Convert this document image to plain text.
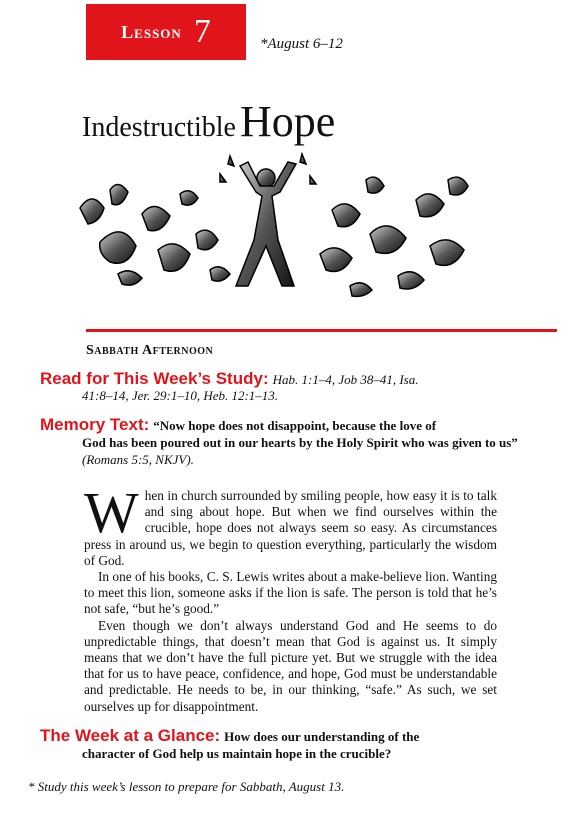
Lesson 7	*August 6–12
Indestructible Hope
Sabbath Afternoon
Read for This Week’s Study: Hab. 1:1–4, Job 38–41, Isa.
41:8–14, Jer. 29:1–10, Heb. 12:1–13.
Memory Text: “Now hope does not disappoint, because the love of
God has been poured out in our hearts by the Holy Spirit who was given to us” (Romans 5:5, NKJV).

When in church surrounded by smiling people, how easy it is to talk and sing about hope. But when we find ourselves within the crucible, hope does not always seem so easy. As circumstances press in around us, we begin to question everything, particularly the wisdom of God.

In one of his books, C. S. Lewis writes about a make-believe lion. Wanting to meet this lion, someone asks if the lion is safe. The person is told that he’s not safe, “but he’s good.”

Even though we don’t always understand God and He seems to do unpredictable things, that doesn’t mean that God is against us. It simply means that we don’t have the full picture yet. But we struggle with the idea that for us to have peace, confidence, and hope, God must be understandable and predictable. He needs to be, in our thinking, “safe.” As such, we set ourselves up for disappointment.

The Week at a Glance: How does our understanding of the
character of God help us maintain hope in the crucible?
* Study this week’s lesson to prepare for Sabbath, August 13.
